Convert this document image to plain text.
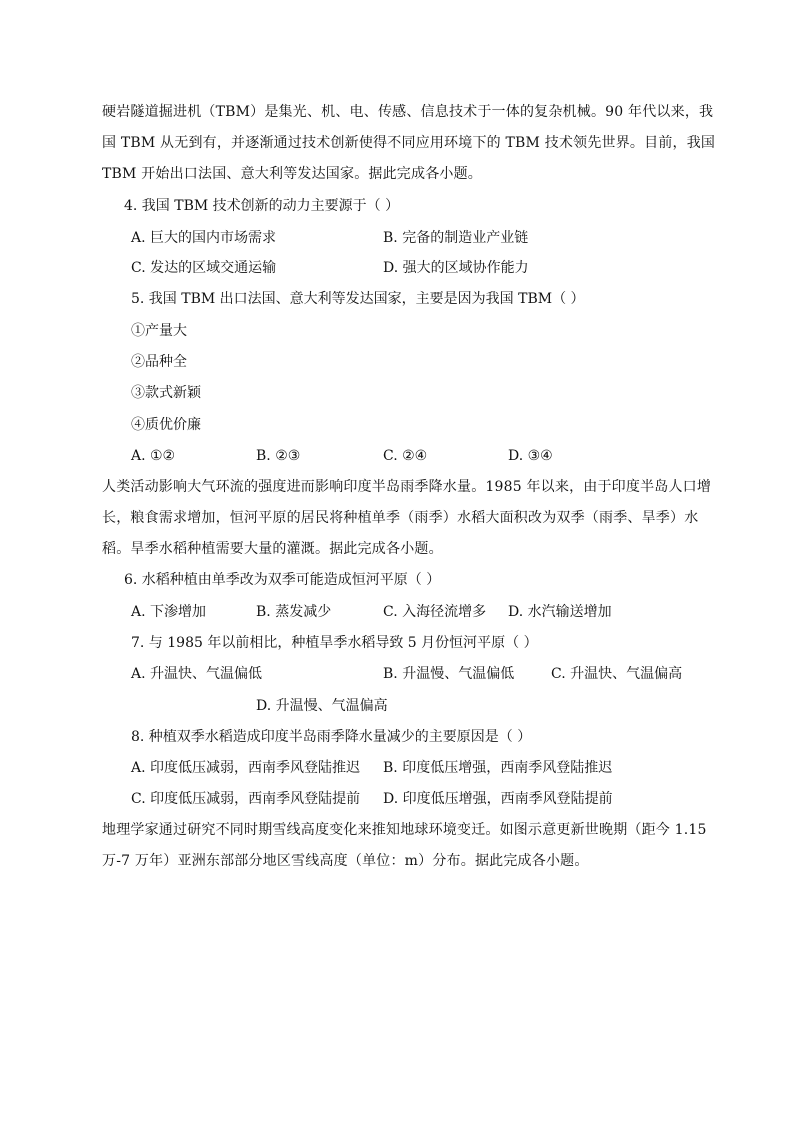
硬岩隧道掘进机（TBM）是集光、机、电、传感、信息技术于一体的复杂机械。90 年代以来，我
国 TBM 从无到有，并逐渐通过技术创新使得不同应用环境下的 TBM 技术领先世界。目前，我国
TBM 开始出口法国、意大利等发达国家。据此完成各小题。
4. 我国 TBM 技术创新的动力主要源于（ ）
A. 巨大的国内市场需求	B. 完备的制造业产业链
C. 发达的区域交通运输	D. 强大的区域协作能力
5. 我国 TBM 出口法国、意大利等发达国家，主要是因为我国 TBM（ ）
①产量大
②品种全
③款式新颖
④质优价廉
A. ①②	B. ②③	C. ②④	D. ③④
人类活动影响大气环流的强度进而影响印度半岛雨季降水量。1985 年以来，由于印度半岛人口增
长，粮食需求增加，恒河平原的居民将种植单季（雨季）水稻大面积改为双季（雨季、旱季）水
稻。旱季水稻种植需要大量的灌溉。据此完成各小题。
6. 水稻种植由单季改为双季可能造成恒河平原（ ）
A. 下渗增加	B. 蒸发减少	C. 入海径流增多 D. 水汽输送增加
7. 与 1985 年以前相比，种植旱季水稻导致 5 月份恒河平原（ ）
A. 升温快、气温偏低	B. 升温慢、气温偏低	C. 升温快、气温偏高
D. 升温慢、气温偏高
8. 种植双季水稻造成印度半岛雨季降水量减少的主要原因是（ ）
A. 印度低压减弱，西南季风登陆推迟 B. 印度低压增强，西南季风登陆推迟
C. 印度低压减弱，西南季风登陆提前 D. 印度低压增强，西南季风登陆提前
地理学家通过研究不同时期雪线高度变化来推知地球环境变迁。如图示意更新世晚期（距今 1.15
万-7 万年）亚洲东部部分地区雪线高度（单位：m）分布。据此完成各小题。
